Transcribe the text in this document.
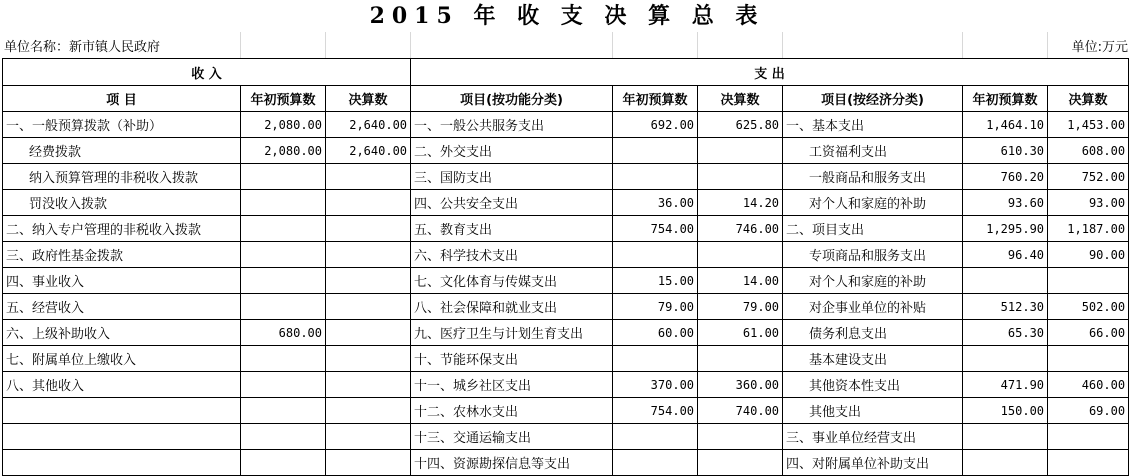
2015 年 收 支 决 算 总 表
单位名称：新市镇人民政府	单位:万元
收 入			支 出					
项 目	年初预算数	决算数	项目(按功能分类)	年初预算数	决算数	项目(按经济分类)	年初预算数	决算数
一、一般预算拨款（补助）	2,080.00	2,640.00	一、一般公共服务支出	692.00	625.80	一、基本支出	1,464.10	1,453.00
经费拨款	2,080.00	2,640.00	二、外交支出			工资福利支出	610.30	608.00
纳入预算管理的非税收入拨款			三、国防支出			一般商品和服务支出	760.20	752.00
罚没收入拨款			四、公共安全支出	36.00	14.20	对个人和家庭的补助	93.60	93.00
二、纳入专户管理的非税收入拨款			五、教育支出	754.00	746.00	二、项目支出	1,295.90	1,187.00
三、政府性基金拨款			六、科学技术支出			专项商品和服务支出	96.40	90.00
四、事业收入			七、文化体育与传媒支出	15.00	14.00	对个人和家庭的补助		
五、经营收入			八、社会保障和就业支出	79.00	79.00	对企事业单位的补贴	512.30	502.00
六、上级补助收入	680.00		九、医疗卫生与计划生育支出	60.00	61.00	债务利息支出	65.30	66.00
七、附属单位上缴收入			十、节能环保支出			基本建设支出		
八、其他收入			十一、城乡社区支出	370.00	360.00	其他资本性支出	471.90	460.00
			十二、农林水支出	754.00	740.00	其他支出	150.00	69.00
			十三、交通运输支出			三、事业单位经营支出		
			十四、资源勘探信息等支出			四、对附属单位补助支出		
